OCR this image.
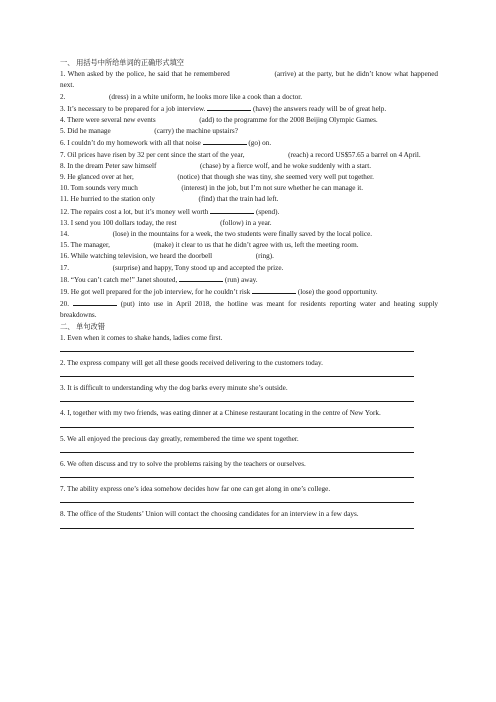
一、 用括号中所给单词的正确形式填空

1. When asked by the police, he said that he remembered	(arrive) at the party, but he didn’t know what happened next.

2.	(dress) in a white uniform, he looks more like a cook than a doctor.

3. It’s necessary to be prepared for a job interview.	(have) the answers ready will be of great help.

4. There were several new events	(add) to the programme for the 2008 Beijing Olympic Games.

5. Did he manage	(carry) the machine upstairs?

6. I couldn’t do my homework with all that noise	(go) on.

7. Oil prices have risen by 32 per cent since the start of the year,	(reach) a record US$57.65 a barrel on 4 April.

8. In the dream Peter saw himself	(chase) by a fierce wolf, and he woke suddenly with a start.

9. He glanced over at her,	(notice) that though she was tiny, she seemed very well put together.

10. Tom sounds very much	(interest) in the job, but I’m not sure whether he can manage it.

11. He hurried to the station only	(find) that the train had left.

12. The repairs cost a lot, but it’s money well worth	(spend).

13. I send you 100 dollars today, the rest	(follow) in a year.

14.	(lose) in the mountains for a week, the two students were finally saved by the local police.

15. The manager,	(make) it clear to us that he didn’t agree with us, left the meeting room.

16. While watching television, we heard the doorbell	(ring).

17.	(surprise) and happy, Tony stood up and accepted the prize.

18. “You can’t catch me!” Janet shouted,	(run) away.

19. He got well prepared for the job interview, for he couldn’t risk	(lose) the good opportunity.

20.	(put) into use in April 2018, the hotline was meant for residents reporting water and heating supply breakdowns.

二、 单句改错

1. Even when it comes to shake hands, ladies come first.

2. The express company will get all these goods received delivering to the customers today.

3. It is difficult to understanding why the dog barks every minute she’s outside.

4. I, together with my two friends, was eating dinner at a Chinese restaurant locating in the centre of New York.

5. We all enjoyed the precious day greatly, remembered the time we spent together.

6. We often discuss and try to solve the problems raising by the teachers or ourselves.

7. The ability express one’s idea somehow decides how far one can get along in one’s college.

8. The office of the Students’ Union will contact the choosing candidates for an interview in a few days.
